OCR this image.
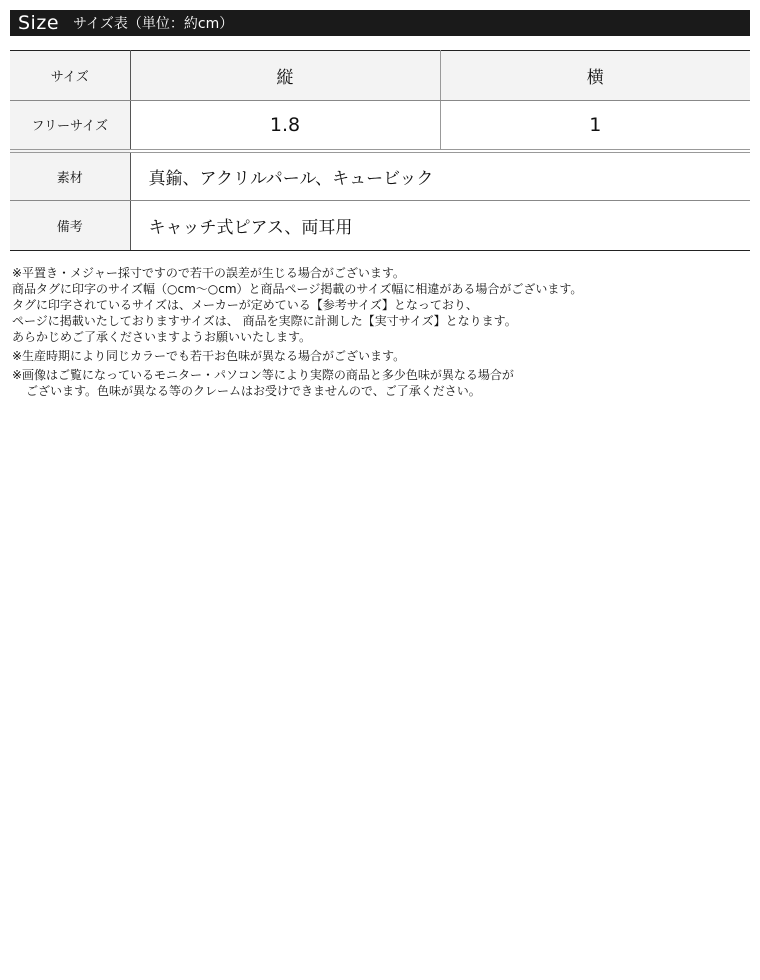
Size サイズ表（単位：約cm）
サイズ	縦	横
フリーサイズ	1.8	1
素材	真鍮、アクリルパール、キュービック	
備考	キャッチ式ピアス、両耳用	

※平置き・メジャー採寸ですので若干の誤差が生じる場合がございます。

商品タグに印字のサイズ幅（○cm〜○cm）と商品ページ掲載のサイズ幅に相違がある場合がございます。

タグに印字されているサイズは、メーカーが定めている【参考サイズ】となっており、

ページに掲載いたしておりますサイズは、 商品を実際に計測した【実寸サイズ】となります。

あらかじめご了承くださいますようお願いいたします。

※生産時期により同じカラーでも若干お色味が異なる場合がございます。

※画像はご覧になっているモニター・パソコン等により実際の商品と多少色味が異なる場合が

ございます。色味が異なる等のクレームはお受けできませんので、ご了承ください。
